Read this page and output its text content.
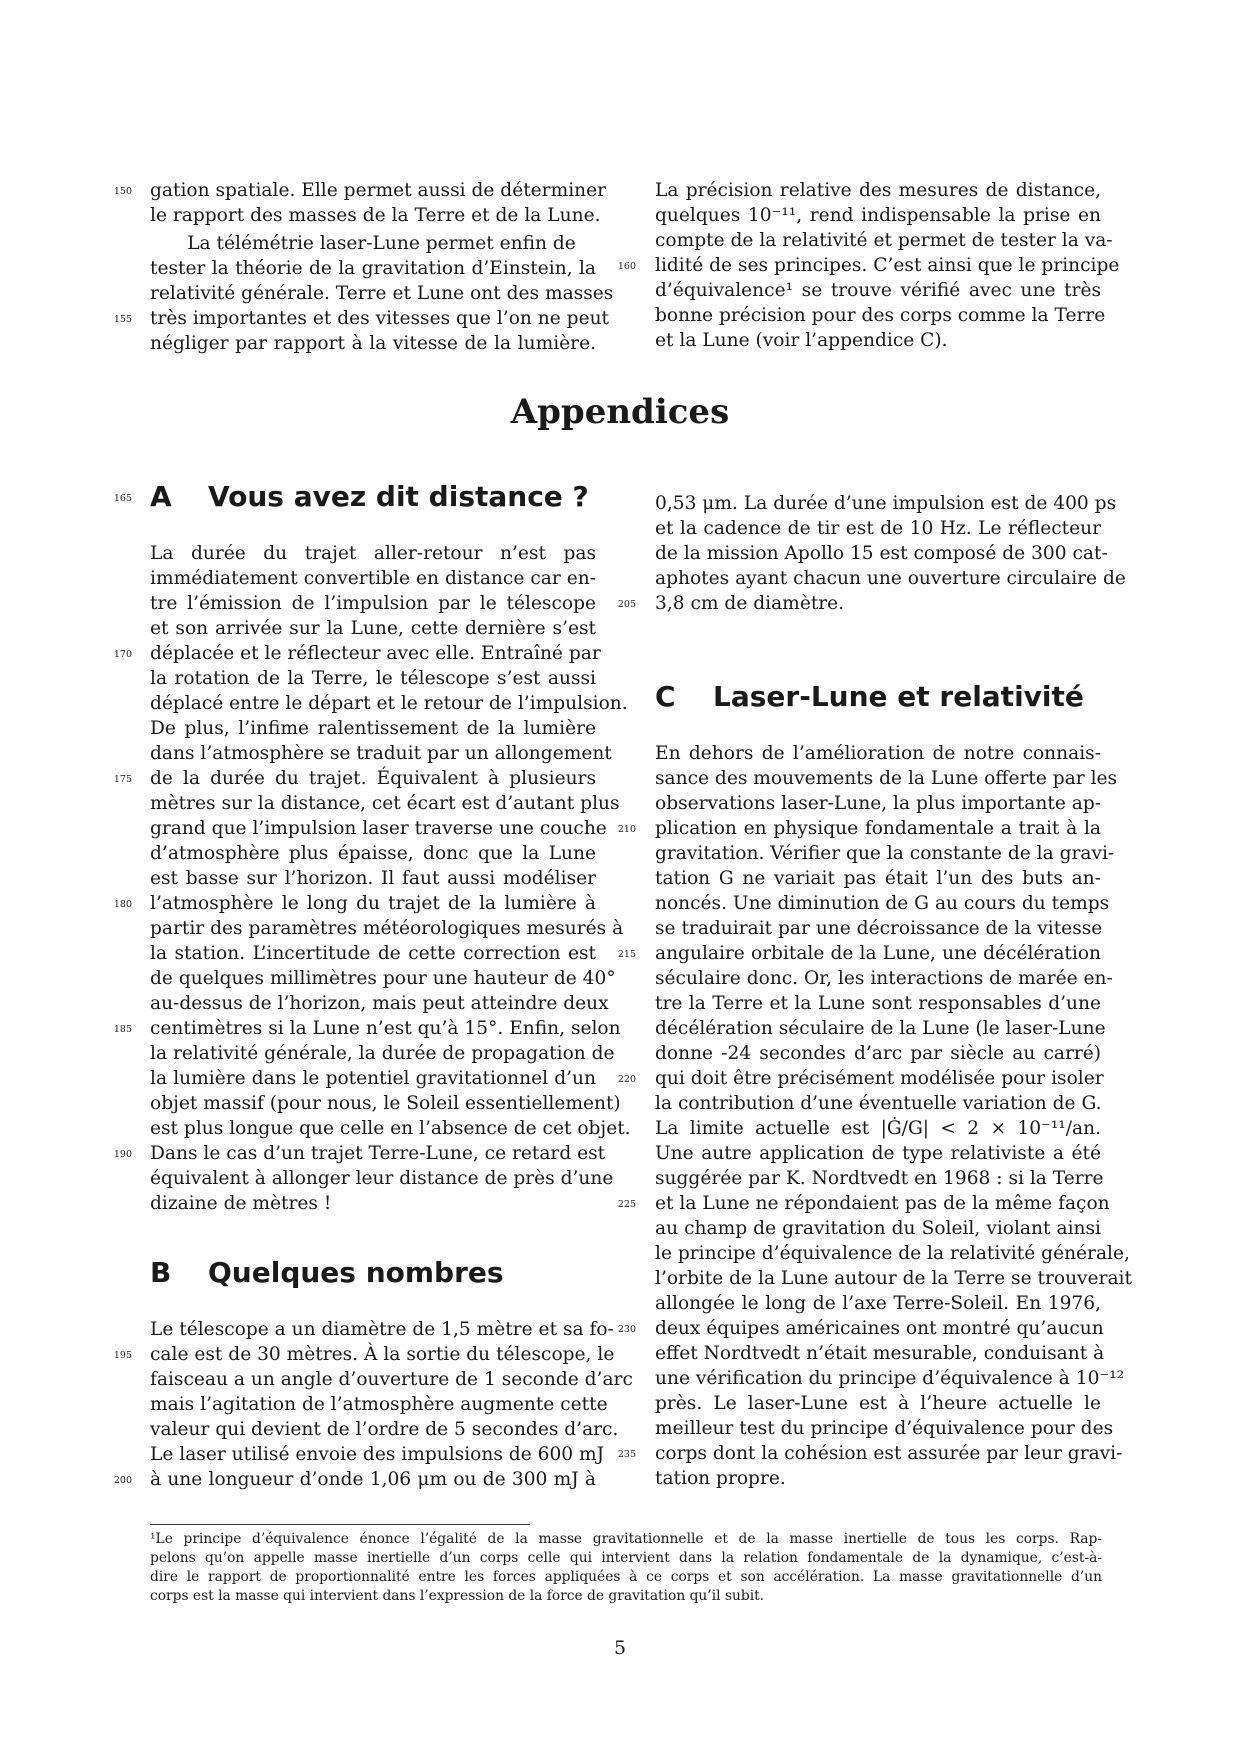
gation spatiale. Elle permet aussi de déterminer
le rapport des masses de la Terre et de la Lune.
  La télémétrie laser-Lune permet enfin de
tester la théorie de la gravitation d’Einstein, la
relativité générale. Terre et Lune ont des masses
très importantes et des vitesses que l’on ne peut
négliger par rapport à la vitesse de la lumière.
La précision relative des mesures de distance,
quelques 10⁻¹¹, rend indispensable la prise en
compte de la relativité et permet de tester la va-
lidité de ses principes. C’est ainsi que le principe
d’équivalence¹ se trouve vérifié avec une très
bonne précision pour des corps comme la Terre
et la Lune (voir l’appendice C).
Appendices
A Vous avez dit distance ?
La durée du trajet aller-retour n’est pas
immédiatement convertible en distance car en-
tre l’émission de l’impulsion par le télescope
et son arrivée sur la Lune, cette dernière s’est
déplacée et le réflecteur avec elle. Entraîné par
la rotation de la Terre, le télescope s’est aussi
déplacé entre le départ et le retour de l’impulsion.
De plus, l’infime ralentissement de la lumière
dans l’atmosphère se traduit par un allongement
de la durée du trajet. Équivalent à plusieurs
mètres sur la distance, cet écart est d’autant plus
grand que l’impulsion laser traverse une couche
d’atmosphère plus épaisse, donc que la Lune
est basse sur l’horizon. Il faut aussi modéliser
l’atmosphère le long du trajet de la lumière à
partir des paramètres météorologiques mesurés à
la station. L’incertitude de cette correction est
de quelques millimètres pour une hauteur de 40°
au-dessus de l’horizon, mais peut atteindre deux
centimètres si la Lune n’est qu’à 15°. Enfin, selon
la relativité générale, la durée de propagation de
la lumière dans le potentiel gravitationnel d’un
objet massif (pour nous, le Soleil essentiellement)
est plus longue que celle en l’absence de cet objet.
Dans le cas d’un trajet Terre-Lune, ce retard est
équivalent à allonger leur distance de près d’une
dizaine de mètres !
B Quelques nombres
Le télescope a un diamètre de 1,5 mètre et sa fo-
cale est de 30 mètres. À la sortie du télescope, le
faisceau a un angle d’ouverture de 1 seconde d’arc
mais l’agitation de l’atmosphère augmente cette
valeur qui devient de l’ordre de 5 secondes d’arc.
Le laser utilisé envoie des impulsions de 600 mJ
à une longueur d’onde 1,06 μm ou de 300 mJ à
0,53 μm. La durée d’une impulsion est de 400 ps
et la cadence de tir est de 10 Hz. Le réflecteur
de la mission Apollo 15 est composé de 300 cat-
aphotes ayant chacun une ouverture circulaire de
3,8 cm de diamètre.
C Laser-Lune et relativité
En dehors de l’amélioration de notre connais-
sance des mouvements de la Lune offerte par les
observations laser-Lune, la plus importante ap-
plication en physique fondamentale a trait à la
gravitation. Vérifier que la constante de la gravi-
tation G ne variait pas était l’un des buts an-
noncés. Une diminution de G au cours du temps
se traduirait par une décroissance de la vitesse
angulaire orbitale de la Lune, une décélération
séculaire donc. Or, les interactions de marée en-
tre la Terre et la Lune sont responsables d’une
décélération séculaire de la Lune (le laser-Lune
donne -24 secondes d’arc par siècle au carré)
qui doit être précisément modélisée pour isoler
la contribution d’une éventuelle variation de G.
La limite actuelle est |Ġ/G| < 2 × 10⁻¹¹/an.
Une autre application de type relativiste a été
suggérée par K. Nordtvedt en 1968 : si la Terre
et la Lune ne répondaient pas de la même façon
au champ de gravitation du Soleil, violant ainsi
le principe d’équivalence de la relativité générale,
l’orbite de la Lune autour de la Terre se trouverait
allongée le long de l’axe Terre-Soleil. En 1976,
deux équipes américaines ont montré qu’aucun
effet Nordtvedt n’était mesurable, conduisant à
une vérification du principe d’équivalence à 10⁻¹²
près. Le laser-Lune est à l’heure actuelle le
meilleur test du principe d’équivalence pour des
corps dont la cohésion est assurée par leur gravi-
tation propre.
150
155
165
170
175
180
185
190
195
200
160
205
210
215
220
225
230
235
¹Le principe d’équivalence énonce l’égalité de la masse gravitationnelle et de la masse inertielle de tous les corps. Rap-
pelons qu’on appelle masse inertielle d’un corps celle qui intervient dans la relation fondamentale de la dynamique, c’est-à-
dire le rapport de proportionnalité entre les forces appliquées à ce corps et son accélération. La masse gravitationnelle d’un
corps est la masse qui intervient dans l’expression de la force de gravitation qu’il subit.
5
